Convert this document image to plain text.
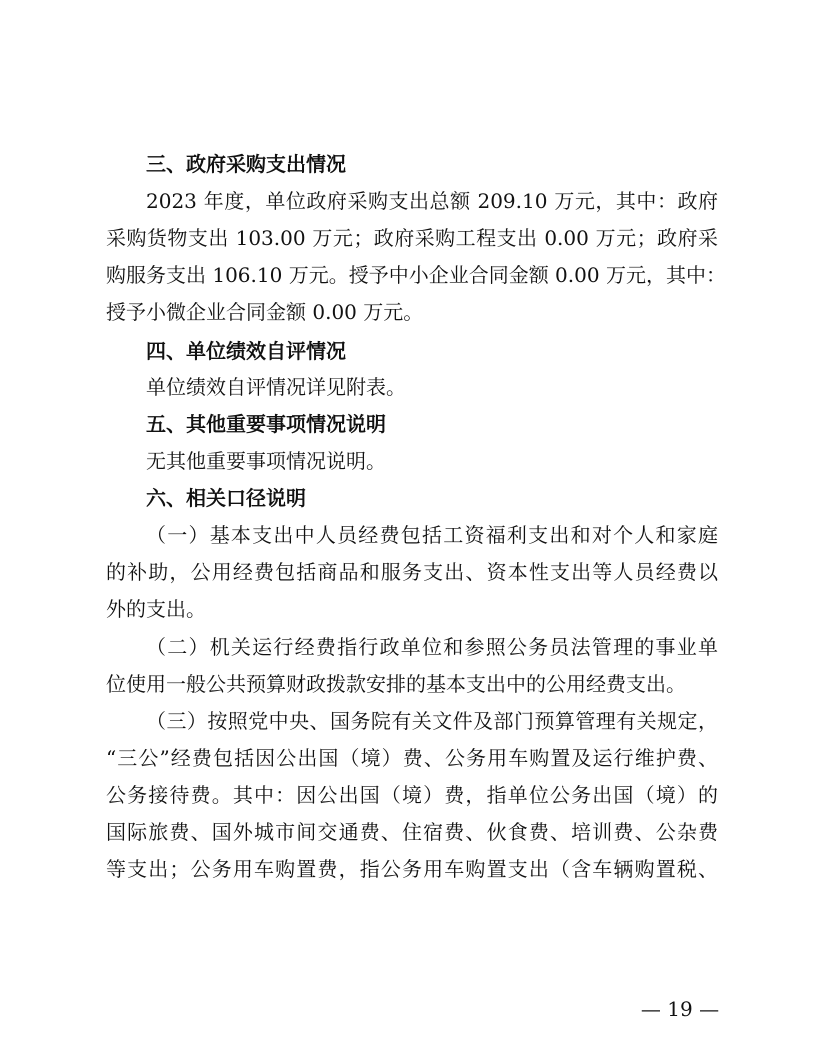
三、政府采购支出情况
2023 年度，单位政府采购支出总额 209.10 万元，其中：政府
采购货物支出 103.00 万元；政府采购工程支出 0.00 万元；政府采
购服务支出 106.10 万元。授予中小企业合同金额 0.00 万元，其中：
授予小微企业合同金额 0.00 万元。
四、单位绩效自评情况
单位绩效自评情况详见附表。
五、其他重要事项情况说明
无其他重要事项情况说明。
六、相关口径说明
（一）基本支出中人员经费包括工资福利支出和对个人和家庭
的补助，公用经费包括商品和服务支出、资本性支出等人员经费以
外的支出。
（二）机关运行经费指行政单位和参照公务员法管理的事业单
位使用一般公共预算财政拨款安排的基本支出中的公用经费支出。
（三）按照党中央、国务院有关文件及部门预算管理有关规定，
“三公”经费包括因公出国（境）费、公务用车购置及运行维护费、
公务接待费。其中：因公出国（境）费，指单位公务出国（境）的
国际旅费、国外城市间交通费、住宿费、伙食费、培训费、公杂费
等支出；公务用车购置费，指公务用车购置支出（含车辆购置税、
— 19 —
